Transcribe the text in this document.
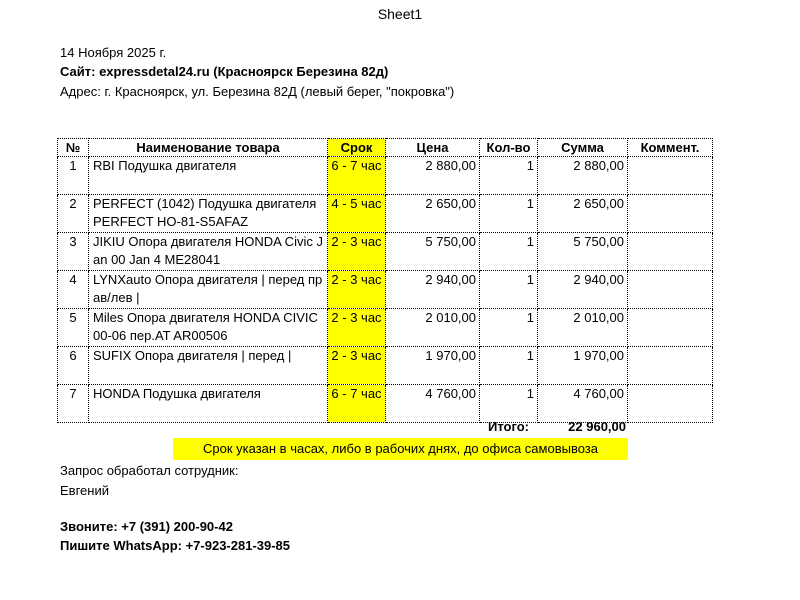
Sheet1
14 Ноября 2025 г.
Сайт: expressdetal24.ru (Красноярск Березина 82д)
Адрес: г. Красноярск, ул. Березина 82Д (левый берег, "покровка")
№	Наименование товара	Срок	Цена	Кол-во	Сумма	Коммент.
1	RBI Подушка двигателя	6 - 7 час	2 880,00	1	2 880,00	
2	PERFECT (1042) Подушка двигателя PERFECT HO-81-S5AFAZ	4 - 5 час	2 650,00	1	2 650,00	
3	JIKIU Опора двигателя HONDA Civic Jan 00 Jan 4 ME28041	2 - 3 час	5 750,00	1	5 750,00	
4	LYNXauto Опора двигателя | перед прав/лев |	2 - 3 час	2 940,00	1	2 940,00	
5	Miles Опора двигателя HONDA CIVIC 00-06 пер.AT AR00506	2 - 3 час	2 010,00	1	2 010,00	
6	SUFIX Опора двигателя | перед |	2 - 3 час	1 970,00	1	1 970,00	
7	HONDA Подушка двигателя	6 - 7 час	4 760,00	1	4 760,00	
Итого:	22 960,00
Срок указан в часах, либо в рабочих днях, до офиса самовывоза
Запрос обработал сотрудник:
Евгений
Звоните: +7 (391) 200-90-42
Пишите WhatsApp: +7-923-281-39-85
